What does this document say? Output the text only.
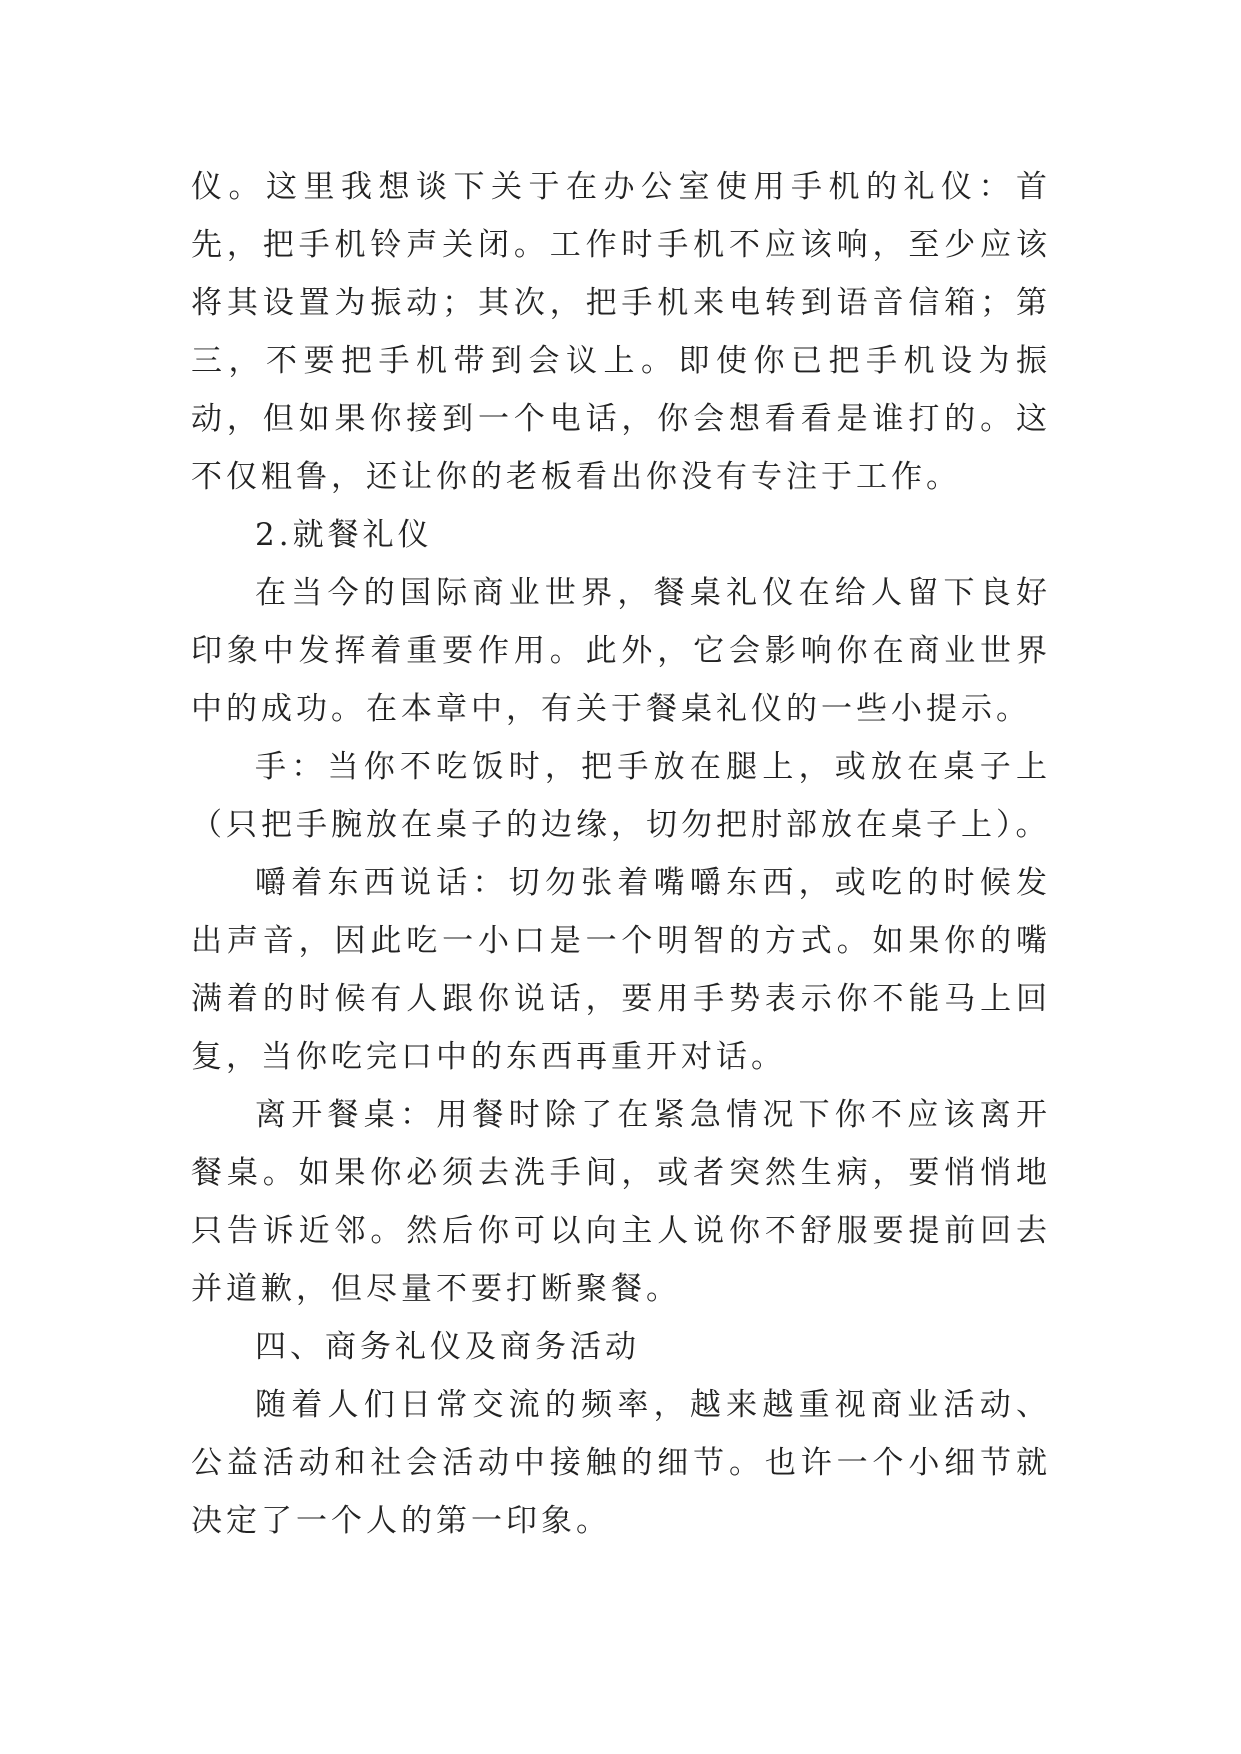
仪。这里我想谈下关于在办公室使用手机的礼仪：首先，把手机铃声关闭。工作时手机不应该响，至少应该将其设置为振动；其次，把手机来电转到语音信箱；第三，不要把手机带到会议上。即使你已把手机设为振动，但如果你接到一个电话，你会想看看是谁打的。这不仅粗鲁，还让你的老板看出你没有专注于工作。

2.就餐礼仪

在当今的国际商业世界，餐桌礼仪在给人留下良好印象中发挥着重要作用。此外，它会影响你在商业世界中的成功。在本章中，有关于餐桌礼仪的一些小提示。

手：当你不吃饭时，把手放在腿上，或放在桌子上（只把手腕放在桌子的边缘，切勿把肘部放在桌子上）。

嚼着东西说话：切勿张着嘴嚼东西，或吃的时候发出声音，因此吃一小口是一个明智的方式。如果你的嘴满着的时候有人跟你说话，要用手势表示你不能马上回复，当你吃完口中的东西再重开对话。

离开餐桌：用餐时除了在紧急情况下你不应该离开餐桌。如果你必须去洗手间，或者突然生病，要悄悄地只告诉近邻。然后你可以向主人说你不舒服要提前回去并道歉，但尽量不要打断聚餐。

四、商务礼仪及商务活动

随着人们日常交流的频率，越来越重视商业活动、公益活动和社会活动中接触的细节。也许一个小细节就决定了一个人的第一印象。
